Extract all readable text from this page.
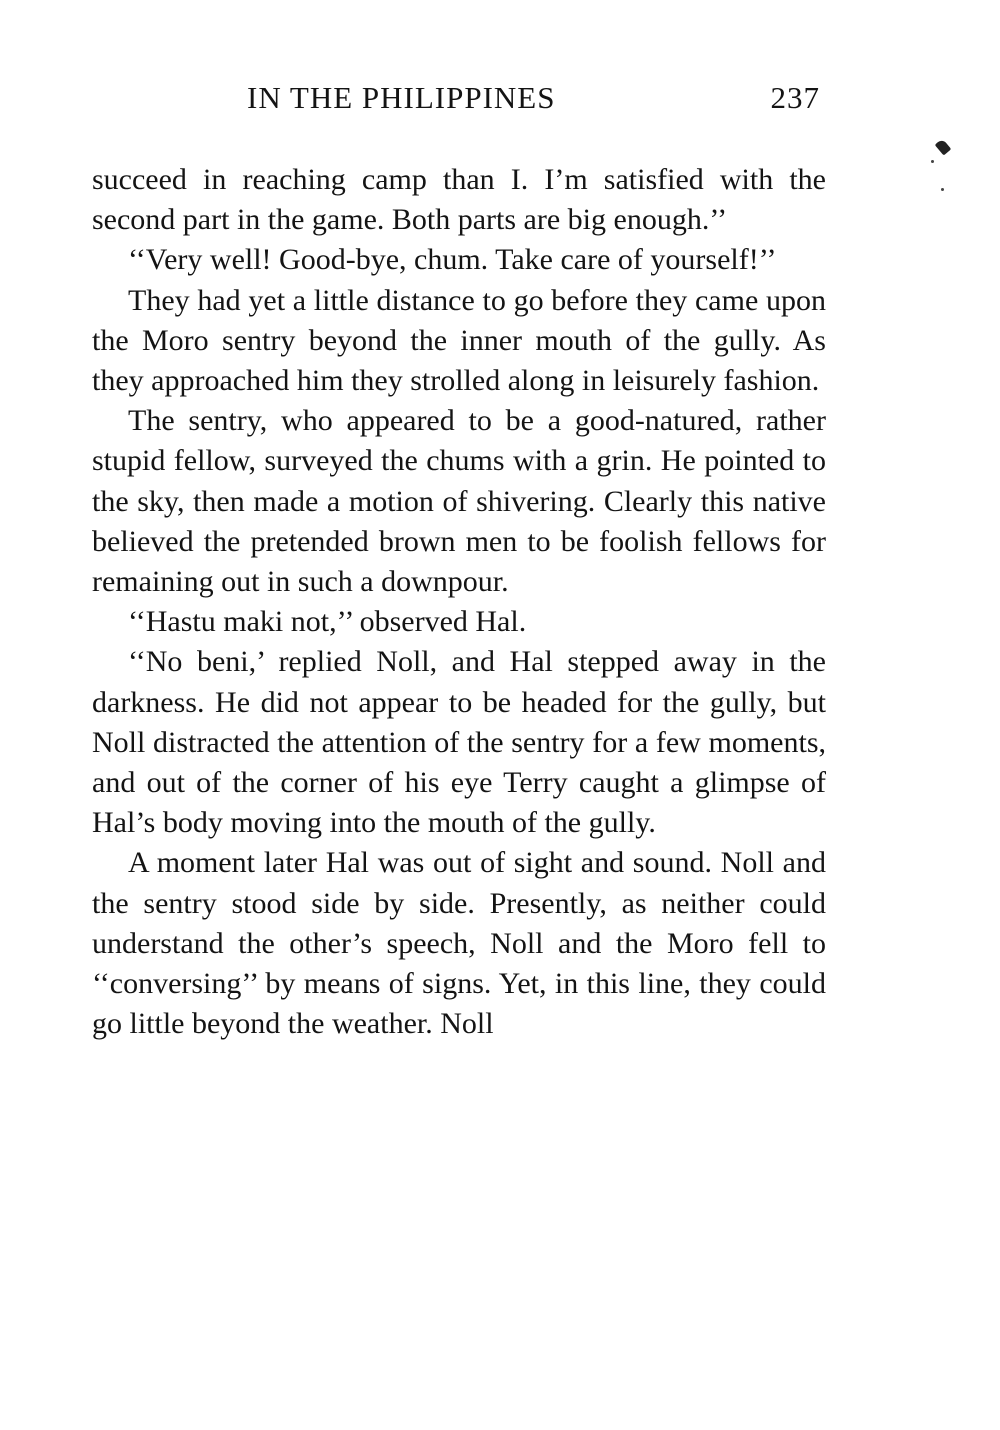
IN THE PHILIPPINES	237

succeed in reaching camp than I. I’m satisfied with the second part in the game. Both parts are big enough.’’

‘‘Very well! Good-bye, chum. Take care of yourself!’’

They had yet a little distance to go before they came upon the Moro sentry beyond the inner mouth of the gully. As they approached him they strolled along in leisurely fashion.

The sentry, who appeared to be a good-natured, rather stupid fellow, surveyed the chums with a grin. He pointed to the sky, then made a motion of shivering. Clearly this native believed the pretended brown men to be foolish fellows for remaining out in such a downpour.

‘‘Hastu maki not,’’ observed Hal.

‘‘No beni,’ replied Noll, and Hal stepped away in the darkness. He did not appear to be headed for the gully, but Noll distracted the attention of the sentry for a few moments, and out of the corner of his eye Terry caught a glimpse of Hal’s body moving into the mouth of the gully.

A moment later Hal was out of sight and sound. Noll and the sentry stood side by side. Presently, as neither could understand the other’s speech, Noll and the Moro fell to ‘‘conversing’’ by means of signs. Yet, in this line, they could go little beyond the weather. Noll
